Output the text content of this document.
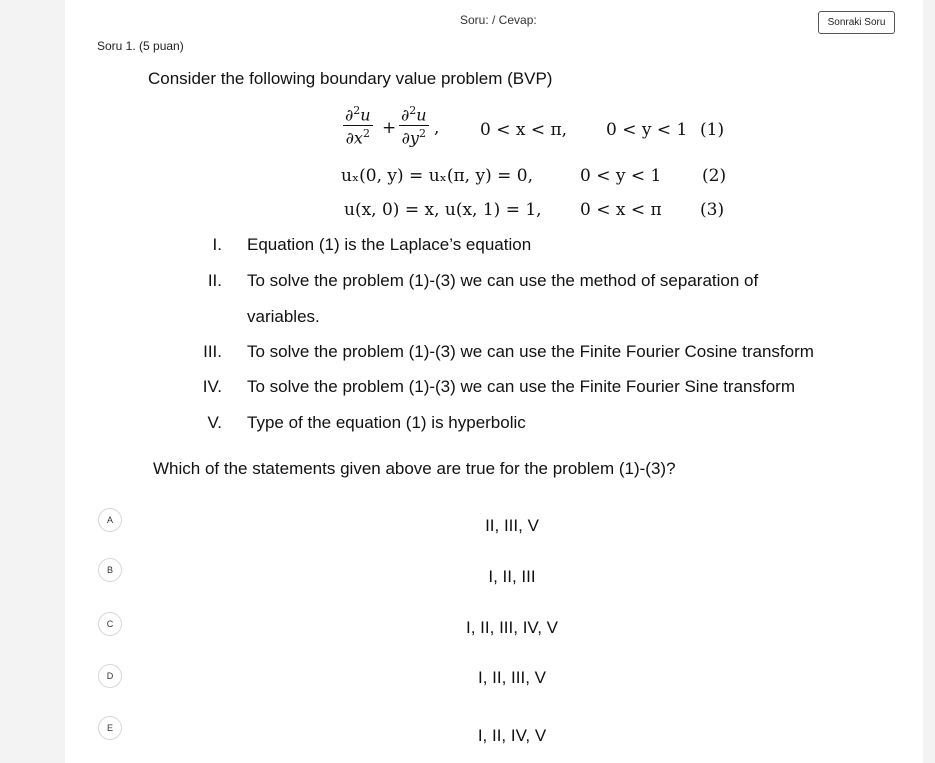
Soru: / Cevap:	Sonraki Soru
Soru 1. (5 puan)
Consider the following boundary value problem (BVP)
$\frac{\partial^2u}{\partial x^2} + \frac{\partial^2u}{\partial y^2}$ , 0 < x < π, 0 < y < 1 (1)
uₓ(0, y) = uₓ(π, y) = 0,	0 < y < 1 (2)
u(x, 0) = x, u(x, 1) = 1, 0 < x < π (3)
I. Equation (1) is the Laplace’s equation
II. To solve the problem (1)-(3) we can use the method of separation of
variables.
III. To solve the problem (1)-(3) we can use the Finite Fourier Cosine transform
IV. To solve the problem (1)-(3) we can use the Finite Fourier Sine transform
V. Type of the equation (1) is hyperbolic
Which of the statements given above are true for the problem (1)-(3)?
A	II, III, V
B	I, II, III
C	I, II, III, IV, V
D	I, II, III, V
E	I, II, IV, V
